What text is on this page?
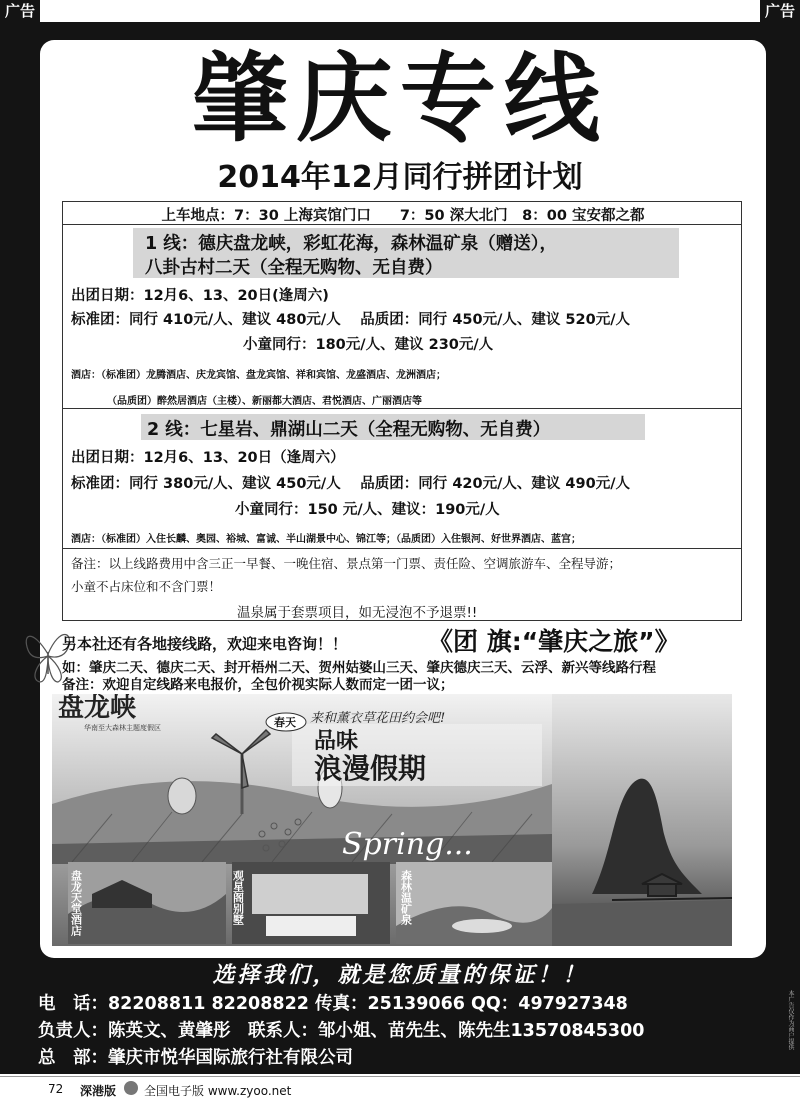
广告	广告
肇庆专线
2014年12月同行拼团计划
上车地点：7：30 上海宾馆门口　　7：50 深大北门　8：00 宝安都之都
1 线：德庆盘龙峡，彩虹花海，森林温矿泉（赠送），
八卦古村二天（全程无购物、无自费）
出团日期：12月6、13、20日(逢周六)
标准团：同行 410元/人、建议 480元/人　 品质团：同行 450元/人、建议 520元/人
小童同行：180元/人、建议 230元/人
酒店：（标准团）龙腾酒店、庆龙宾馆、盘龙宾馆、祥和宾馆、龙盛酒店、龙洲酒店；
（品质团）醉然居酒店（主楼）、新丽都大酒店、君悦酒店、广丽酒店等
2 线：七星岩、鼎湖山二天（全程无购物、无自费）
出团日期：12月6、13、20日（逢周六）
标准团：同行 380元/人、建议 450元/人　 品质团：同行 420元/人、建议 490元/人
小童同行：150 元/人、建议：190元/人
酒店：（标准团）入住长麟、奥园、裕城、富诚、半山湖景中心、锦江等；（品质团）入住银河、好世界酒店、蓝宫；
备注：以上线路费用中含三正一早餐、一晚住宿、景点第一门票、责任险、空调旅游车、全程导游；
小童不占床位和不含门票！
温泉属于套票项目，如无浸泡不予退票!!
另本社还有各地接线路，欢迎来电咨询！！	《团 旗:“肇庆之旅”》
如：肇庆二天、德庆二天、封开梧州二天、贺州姑婆山三天、肇庆德庆三天、云浮、新兴等线路行程
备注：欢迎自定线路来电报价，全包价视实际人数而定一团一议；
盘龙峡
华南至大森林主题度假区	春天 来和薰衣草花田约会吧!
品味
浪漫假期
Spring...
盘龙天堂酒店	观星阁别墅	森林温矿泉
选择我们，就是您质量的保证！！
电　话：82208811 82208822 传真：25139066 QQ：497927348
负责人：陈英文、黄肇彤　联系人：邹小姐、苗先生、陈先生13570845300
总　部：肇庆市悦华国际旅行社有限公司
本广告仅作为商户提供
72 深港版 全国电子版 www.zyoo.net
